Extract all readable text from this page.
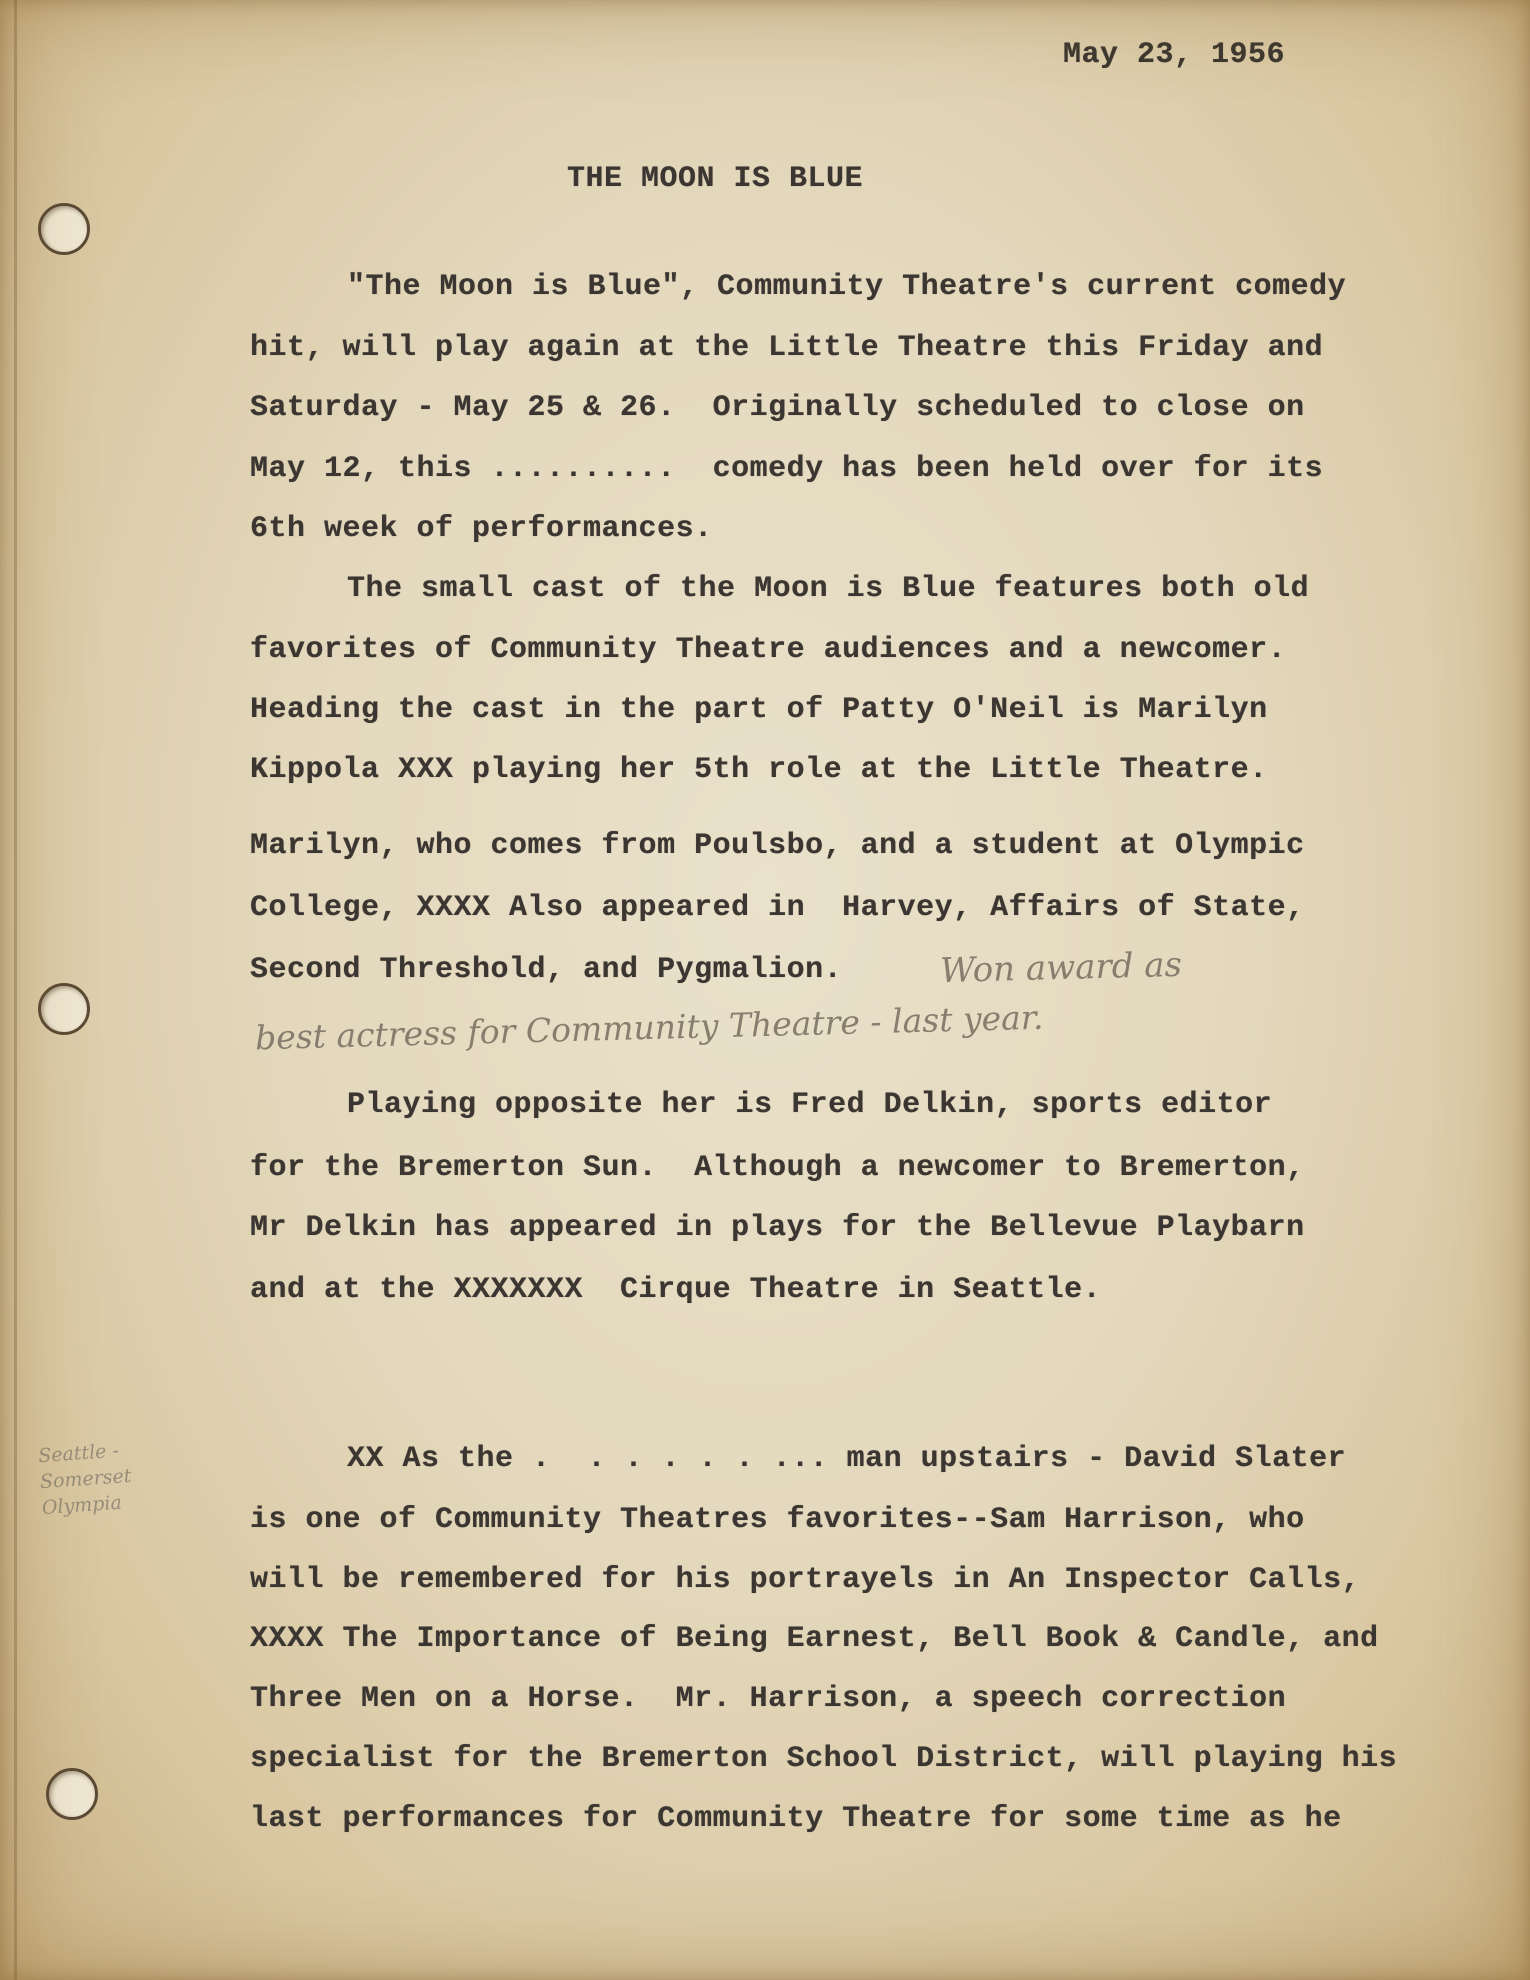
May 23, 1956

THE MOON IS BLUE

"The Moon is Blue", Community Theatre's current comedy

hit, will play again at the Little Theatre this Friday and

Saturday - May 25 & 26.  Originally scheduled to close on

May 12, this ..........  comedy has been held over for its

6th week of performances.

The small cast of the Moon is Blue features both old

favorites of Community Theatre audiences and a newcomer.

Heading the cast in the part of Patty O'Neil is Marilyn

Kippola XXX playing her 5th role at the Little Theatre.

Marilyn, who comes from Poulsbo, and a student at Olympic

College, XXXX Also appeared in  Harvey, Affairs of State,

Second Threshold, and Pygmalion.	Won award as
best actress for Community Theatre - last year.

Playing opposite her is Fred Delkin, sports editor

for the Bremerton Sun.  Although a newcomer to Bremerton,

Mr Delkin has appeared in plays for the Bellevue Playbarn

and at the XXXXXXX  Cirque Theatre in Seattle.

Seattle -
Somerset
Olympia

XX As the .  . . . . . ... man upstairs - David Slater

is one of Community Theatres favorites--Sam Harrison, who

will be remembered for his portrayels in An Inspector Calls,

XXXX The Importance of Being Earnest, Bell Book & Candle, and

Three Men on a Horse.  Mr. Harrison, a speech correction

specialist for the Bremerton School District, will playing his

last performances for Community Theatre for some time as he
